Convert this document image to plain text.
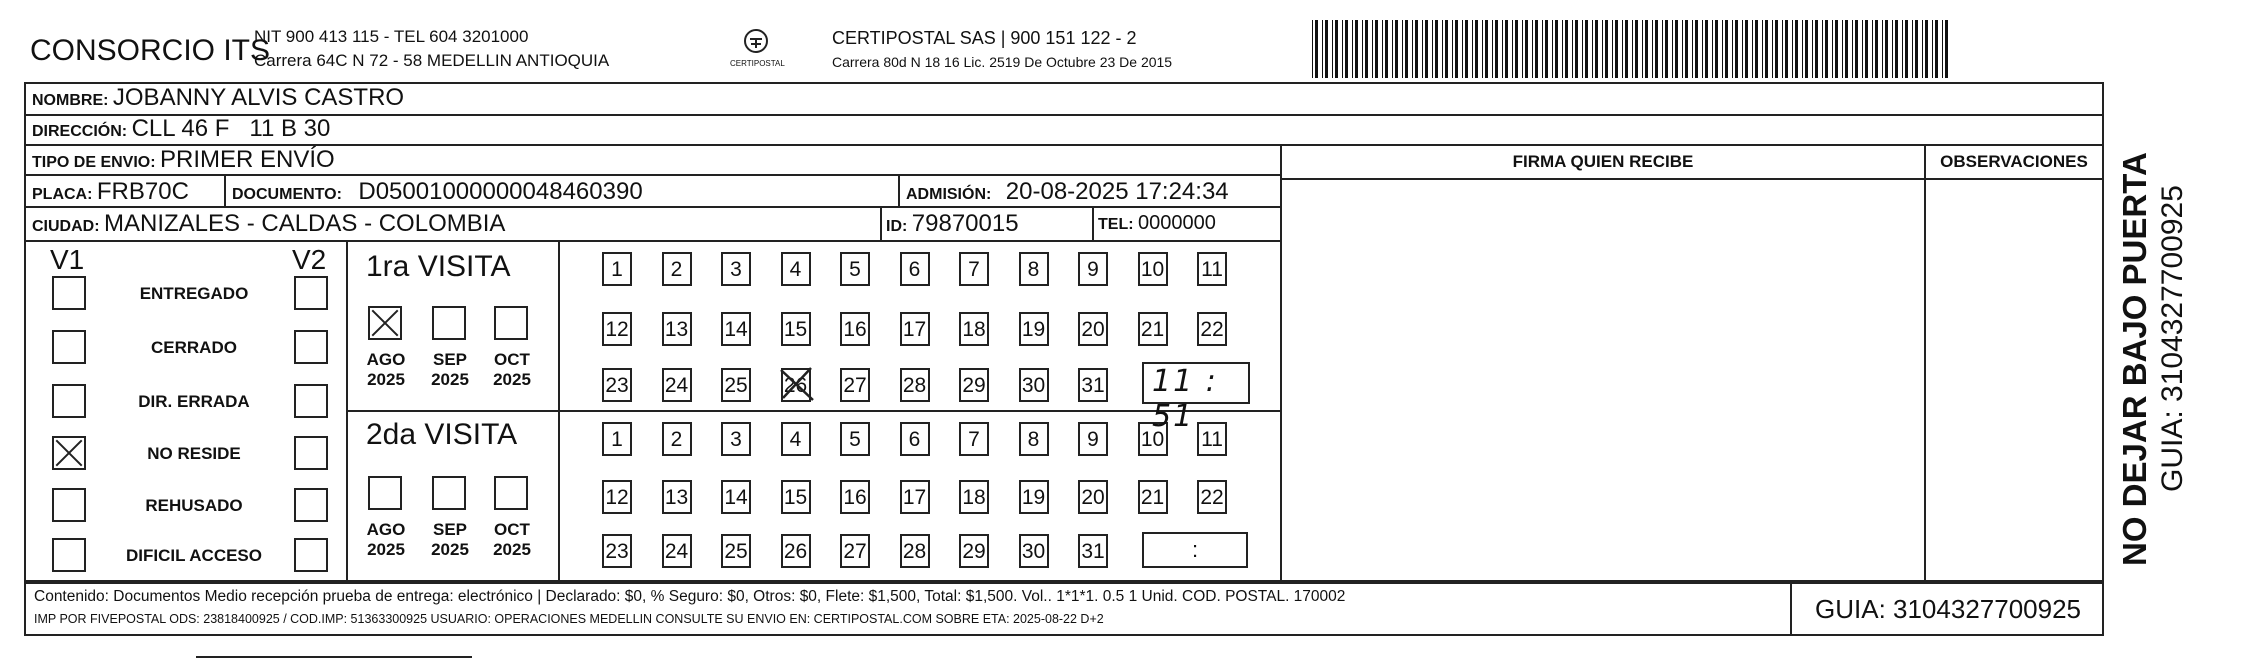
CONSORCIO ITS
NIT 900 413 115 - TEL 604 3201000
Carrera 64C N 72 - 58 MEDELLIN ANTIOQUIA	CERTIPOSTAL
CERTIPOSTAL SAS | 900 151 122 - 2
Carrera 80d N 18 16 Lic. 2519 De Octubre 23 De 2015
NOMBRE: JOBANNY ALVIS CASTRO
DIRECCIÓN: CLL 46 F   11 B 30
TIPO DE ENVIO: PRIMER ENVÍO
PLACA: FRB70C	DOCUMENTO: D05001000000048460390	ADMISIÓN: 20-08-2025 17:24:34
CIUDAD: MANIZALES - CALDAS - COLOMBIA	ID: 79870015	TEL: 0000000
FIRMA QUIEN RECIBE	OBSERVACIONES
V1	V2
ENTREGADO
CERRADO
DIR. ERRADA
NO RESIDE
REHUSADO
DIFICIL ACCESO
1ra VISITA
2da VISITA
AGO
2025
SEP
2025
OCT
2025
AGO
2025
SEP
2025
OCT
2025
1	2	3	4	5	6	7	8	9	10 11
12 13 14 15 16 17 18 19 20 21 22
23 24 25 26 27 28 29 30 31
1	2	3	4	5	6	7	8	9	10 11
12 13 14 15 16 17 18 19 20 21 22
23 24 25 26 27 28 29 30 31
11 : 51
:
Contenido: Documentos Medio recepción prueba de entrega: electrónico | Declarado: $0, % Seguro: $0, Otros: $0, Flete: $1,500, Total: $1,500. Vol.. 1*1*1. 0.5 1 Unid. COD. POSTAL. 170002
IMP POR FIVEPOSTAL ODS: 23818400925 / COD.IMP: 51363300925 USUARIO: OPERACIONES MEDELLIN CONSULTE SU ENVIO EN: CERTIPOSTAL.COM SOBRE ETA: 2025-08-22 D+2	GUIA: 3104327700925
NO DEJAR BAJO PUERTA GUIA: 3104327700925
